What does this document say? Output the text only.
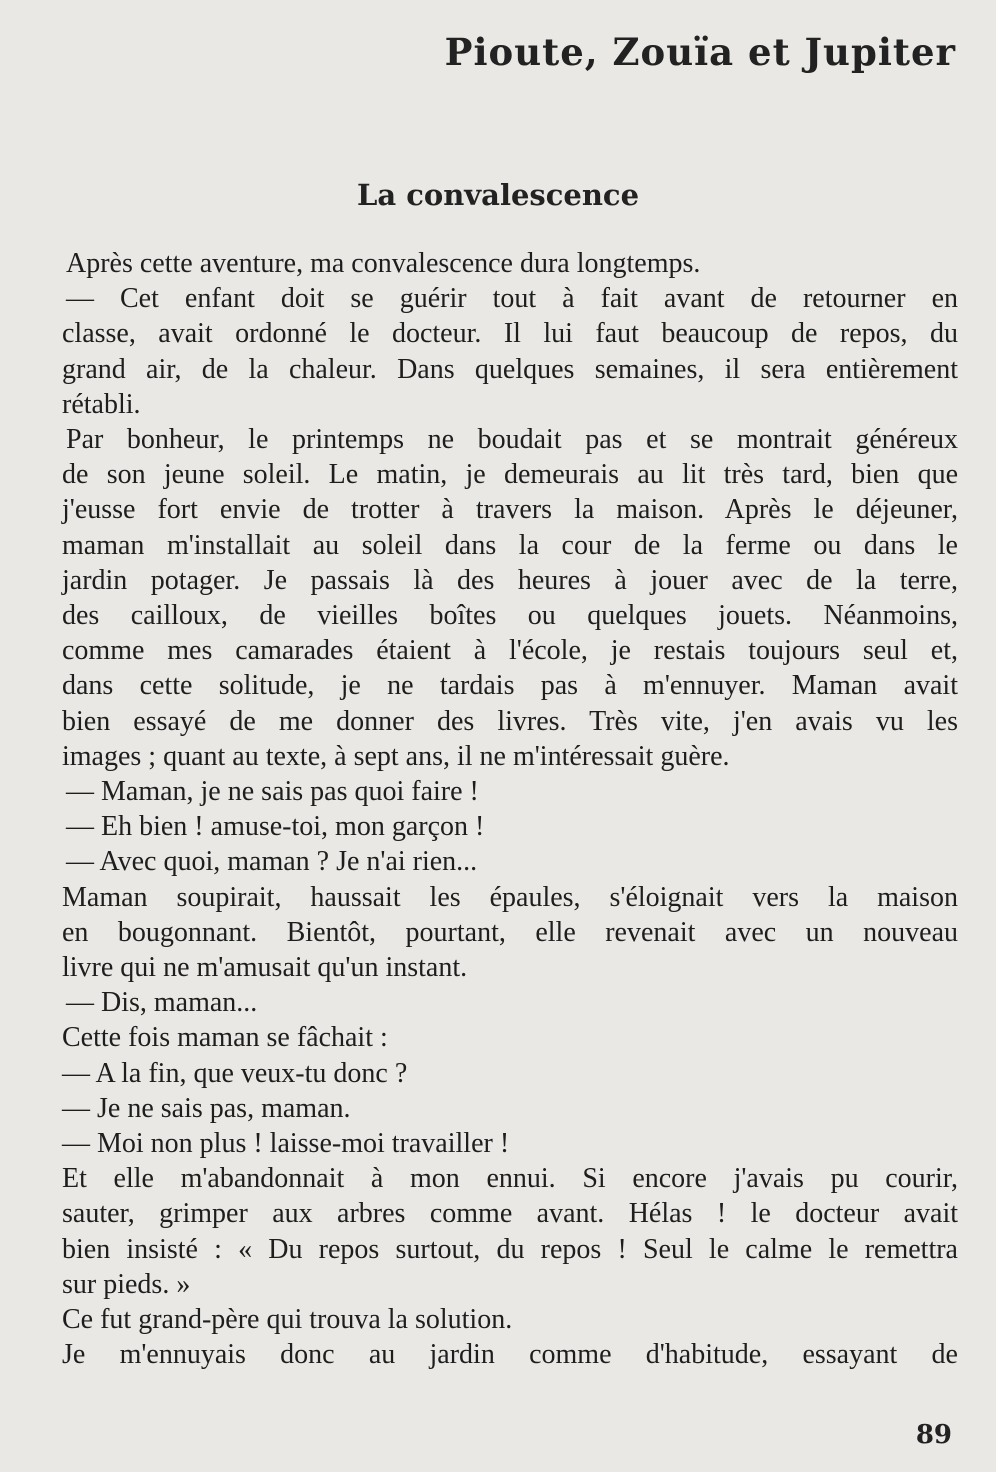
Pioute, Zouïa et Jupiter
La convalescence
Après cette aventure, ma convalescence dura longtemps.
— Cet enfant doit se guérir tout à fait avant de retourner en
classe, avait ordonné le docteur. Il lui faut beaucoup de repos, du
grand air, de la chaleur. Dans quelques semaines, il sera entièrement
rétabli.
Par bonheur, le printemps ne boudait pas et se montrait généreux
de son jeune soleil. Le matin, je demeurais au lit très tard, bien que
j'eusse fort envie de trotter à travers la maison. Après le déjeuner,
maman m'installait au soleil dans la cour de la ferme ou dans le
jardin potager. Je passais là des heures à jouer avec de la terre,
des cailloux, de vieilles boîtes ou quelques jouets. Néanmoins,
comme mes camarades étaient à l'école, je restais toujours seul et,
dans cette solitude, je ne tardais pas à m'ennuyer. Maman avait
bien essayé de me donner des livres. Très vite, j'en avais vu les
images ; quant au texte, à sept ans, il ne m'intéressait guère.
— Maman, je ne sais pas quoi faire !
— Eh bien ! amuse-toi, mon garçon !
— Avec quoi, maman ? Je n'ai rien...
Maman soupirait, haussait les épaules, s'éloignait vers la maison
en bougonnant. Bientôt, pourtant, elle revenait avec un nouveau
livre qui ne m'amusait qu'un instant.
— Dis, maman...
Cette fois maman se fâchait :
— A la fin, que veux-tu donc ?
— Je ne sais pas, maman.
— Moi non plus ! laisse-moi travailler !
Et elle m'abandonnait à mon ennui. Si encore j'avais pu courir,
sauter, grimper aux arbres comme avant. Hélas ! le docteur avait
bien insisté : « Du repos surtout, du repos ! Seul le calme le remettra
sur pieds. »
Ce fut grand-père qui trouva la solution.
Je m'ennuyais donc au jardin comme d'habitude, essayant de
89
